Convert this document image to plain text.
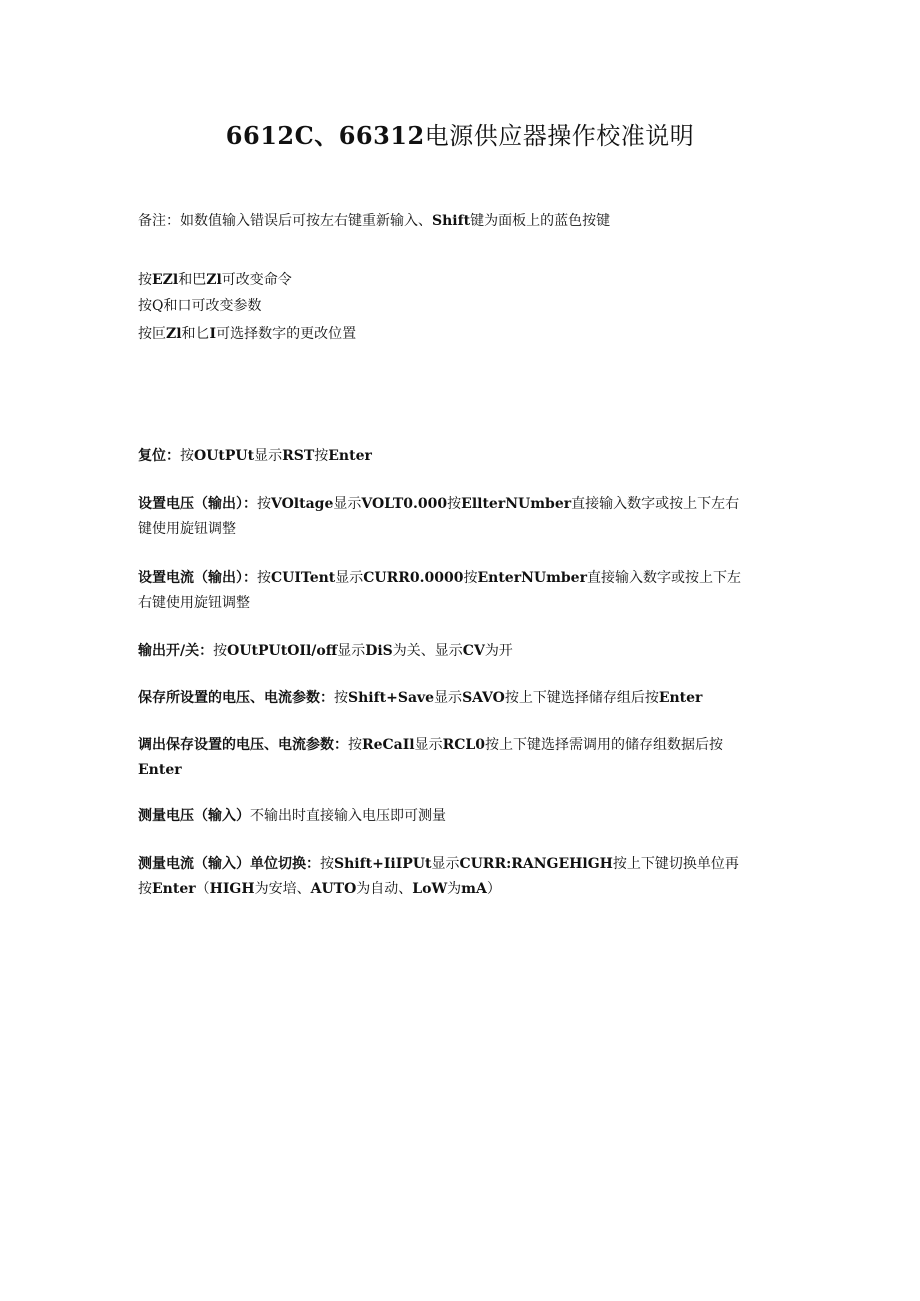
6612C、66312电源供应器操作校准说明

备注：如数值输入错误后可按左右键重新输入、Shift键为面板上的蓝色按键

按EZl和巴Zl可改变命令

按Q和口可改变参数

按叵Zl和匕I可选择数字的更改位置

复位：按OUtPUt显示RST按Enter

设置电压（输出）：按VOltage显示VOLT0.000按EllterNUmber直接输入数字或按上下左右

键使用旋钮调整

设置电流（输出）：按CUITent显示CURR0.0000按EnterNUmber直接输入数字或按上下左

右键使用旋钮调整

输出开/关：按OUtPUtOIl/off显示DiS为关、显示CV为开

保存所设置的电压、电流参数：按Shift+Save显示SAVO按上下键选择储存组后按Enter

调出保存设置的电压、电流参数：按ReCaIl显示RCL0按上下键选择需调用的储存组数据后按

Enter

测量电压（输入）不输出时直接输入电压即可测量

测量电流（输入）单位切换：按Shift+IiIPUt显示CURR:RANGEHlGH按上下键切换单位再

按Enter（HIGH为安培、AUTO为自动、LoW为mA）
